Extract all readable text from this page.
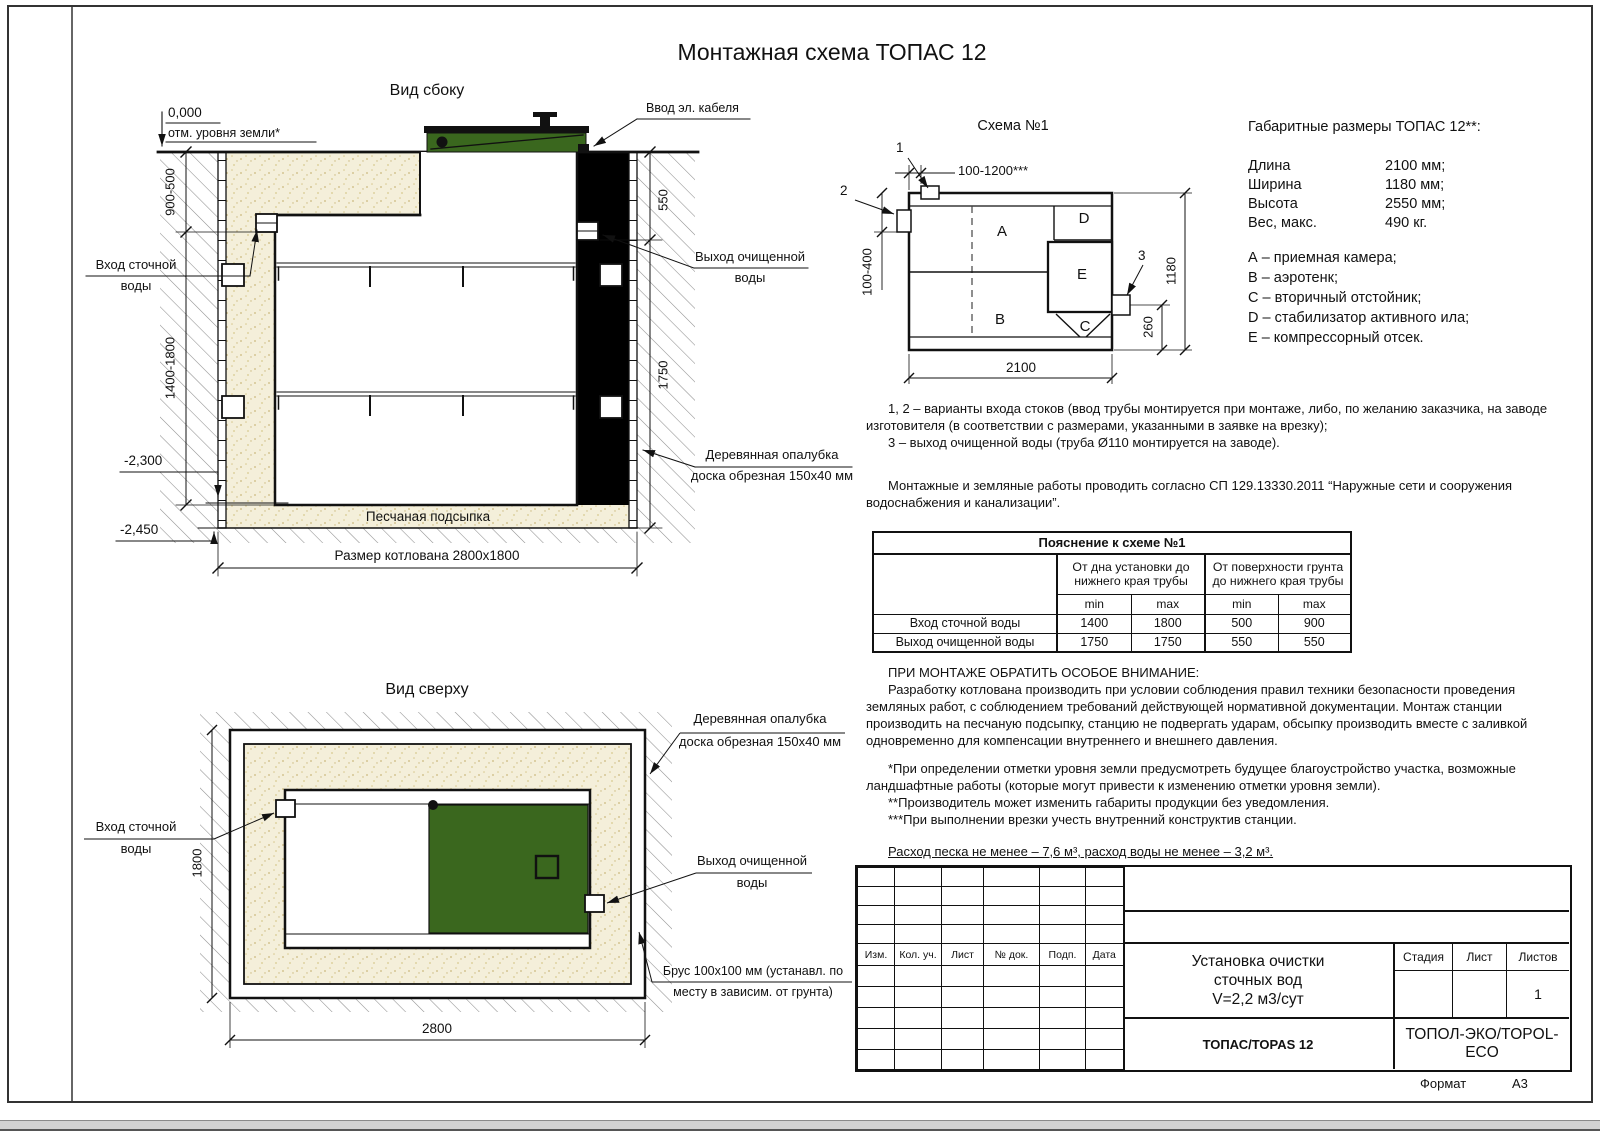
Монтажная схема ТОПАС 12
Вид сбоку
0,000
отм. уровня земли*
900-500
1400-1800
Вход сточной
воды
-2,300
-2,450
Песчаная подсыпка
Размер котлована 2800х1800
Ввод эл. кабеля
Выход очищенной
воды
550
1750
Деревянная опалубка
доска обрезная 150х40 мм
Вид сверху
Деревянная опалубка
доска обрезная 150х40 мм
Вход сточной
воды
Выход очищенной
воды
1800
Брус 100х100 мм (устанавл. по
месту в зависим. от грунта)
2800
Схема №1
1
2
3
100-1200***
100-400	1180
260
2100
A
B	C
D
E
Габаритные размеры ТОПАС 12**:
Длина	2100 мм;
Ширина	1180 мм;
Высота	2550 мм;
Вес, макс.	490 кг.
А – приемная камера;
В – аэротенк;
С – вторичный отстойник;
D – стабилизатор активного ила;
Е – компрессорный отсек.

1, 2 – варианты входа стоков (ввод трубы монтируется при монтаже, либо, по желанию заказчика, на заводе изготовителя (в соответствии с размерами, указанными в заявке на врезку);

3 – выход очищенной воды (труба Ø110 монтируется на заводе).

Монтажные и земляные работы проводить согласно СП 129.13330.2011 “Наружные сети и сооружения водоснабжения и канализации”.

ПРИ МОНТАЖЕ ОБРАТИТЬ ОСОБОЕ ВНИМАНИЕ:

Разработку котлована производить при условии соблюдения правил техники безопасности проведения земляных работ, с соблюдением требований действующей нормативной документации. Монтаж станции производить на песчаную подсыпку, станцию не подвергать ударам, обсыпку производить вместе с заливкой одновременно для компенсации внутреннего и внешнего давления.

*При определении отметки уровня земли предусмотреть будущее благоустройство участка, возможные ландшафтные работы (которые могут привести к изменению отметки уровня земли).

**Производитель может изменить габариты продукции без уведомления.

***При выполнении врезки учесть внутренний конструктив станции.

Расход песка не менее – 7,6 м³, расход воды не менее – 3,2 м³.

Пояснение к схеме №1				
	От дна установки до нижнего края трубы		От поверхности грунта до нижнего края трубы	
	min	max	min	max
Вход сточной воды	1400	1800	500	900
Выход очищенной воды	1750	1750	550	550

Изм.	Кол. уч.	Лист	№ док.	Подп.	Дата

						Установка очистки
сточных вод
V=2,2 м3/сут
Стадия	Лист	Листов
1
ТОПАС/TOPAS 12
ТОПОЛ-ЭКО/TOPOL-ECO
Формат	А3
